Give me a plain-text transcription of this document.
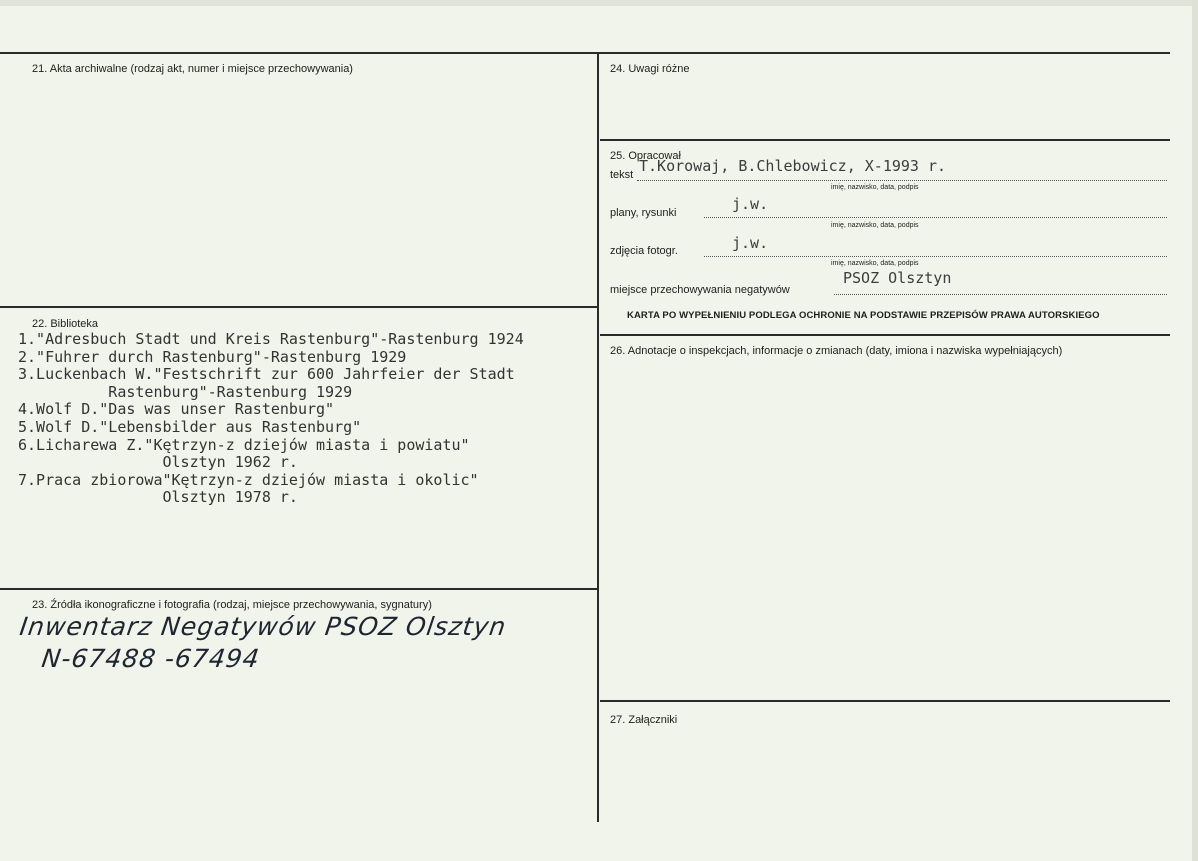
21. Akta archiwalne (rodzaj akt, numer i miejsce przechowywania)	24. Uwagi różne
25. Opracował
tekst T.Korowaj, B.Chlebowicz, X-1993 r.
imię, nazwisko, data, podpis
plany, rysunki	j.w.
imię, nazwisko, data, podpis
zdjęcia fotogr.	j.w.
imię, nazwisko, data, podpis
miejsce przechowywania negatywów
PSOZ Olsztyn
KARTA PO WYPEŁNIENIU PODLEGA OCHRONIE NA PODSTAWIE PRZEPISÓW PRAWA AUTORSKIEGO
22. Biblioteka
1."Adresbuch Stadt und Kreis Rastenburg"-Rastenburg 1924
2."Fuhrer durch Rastenburg"-Rastenburg 1929
3.Luckenbach W."Festschrift zur 600 Jahrfeier der Stadt
Rastenburg"-Rastenburg 1929
4.Wolf D."Das was unser Rastenburg"
5.Wolf D."Lebensbilder aus Rastenburg"
6.Licharewa Z."Kętrzyn-z dziejów miasta i powiatu"
Olsztyn 1962 r.
7.Praca zbiorowa"Kętrzyn-z dziejów miasta i okolic"
Olsztyn 1978 r.
26. Adnotacje o inspekcjach, informacje o zmianach (daty, imiona i nazwiska wypełniających)
23. Źródła ikonograficzne i fotografia (rodzaj, miejsce przechowywania, sygnatury)
Inwentarz Negatywów PSOZ Olsztyn
N-67488 -67494
27. Załączniki
